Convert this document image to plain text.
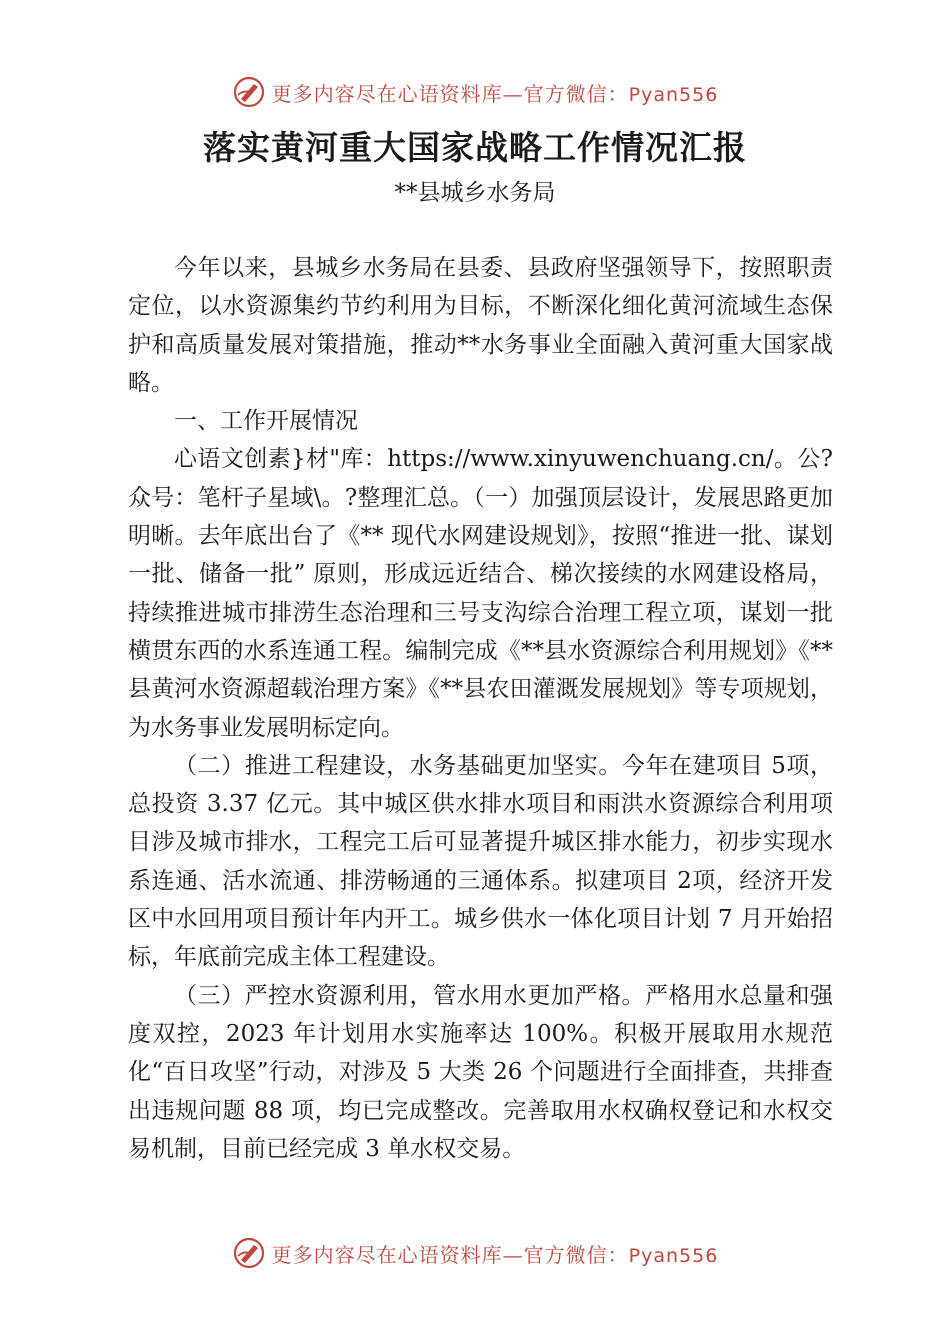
更多内容尽在心语资料库—官方微信：Pyan556
落实黄河重大国家战略工作情况汇报
**县城乡水务局

今年以来，县城乡水务局在县委、县政府坚强领导下，按照职责定位，以水资源集约节约利用为目标，不断深化细化黄河流域生态保护和高质量发展对策措施，推动**水务事业全面融入黄河重大国家战略。

一、工作开展情况

心语文创素}材"库：https://www.xinyuwenchuang.cn/。公?众号：笔杆子星域\。?整理汇总。（一）加强顶层设计，发展思路更加明晰。去年底出台了《** 现代水网建设规划》，按照“推进一批、谋划一批、储备一批” 原则，形成远近结合、梯次接续的水网建设格局，持续推进城市排涝生态治理和三号支沟综合治理工程立项，谋划一批横贯东西的水系连通工程。编制完成《**县水资源综合利用规划》《**县黄河水资源超载治理方案》《**县农田灌溉发展规划》等专项规划，为水务事业发展明标定向。

（二）推进工程建设，水务基础更加坚实。今年在建项目 5项，总投资 3.37 亿元。其中城区供水排水项目和雨洪水资源综合利用项目涉及城市排水，工程完工后可显著提升城区排水能力，初步实现水系连通、活水流通、排涝畅通的三通体系。拟建项目 2项，经济开发区中水回用项目预计年内开工。城乡供水一体化项目计划 7 月开始招标，年底前完成主体工程建设。

（三）严控水资源利用，管水用水更加严格。严格用水总量和强度双控，2023 年计划用水实施率达 100%。积极开展取用水规范化“百日攻坚”行动，对涉及 5 大类 26 个问题进行全面排查，共排查出违规问题 88 项，均已完成整改。完善取用水权确权登记和水权交易机制，目前已经完成 3 单水权交易。

更多内容尽在心语资料库—官方微信：Pyan556
